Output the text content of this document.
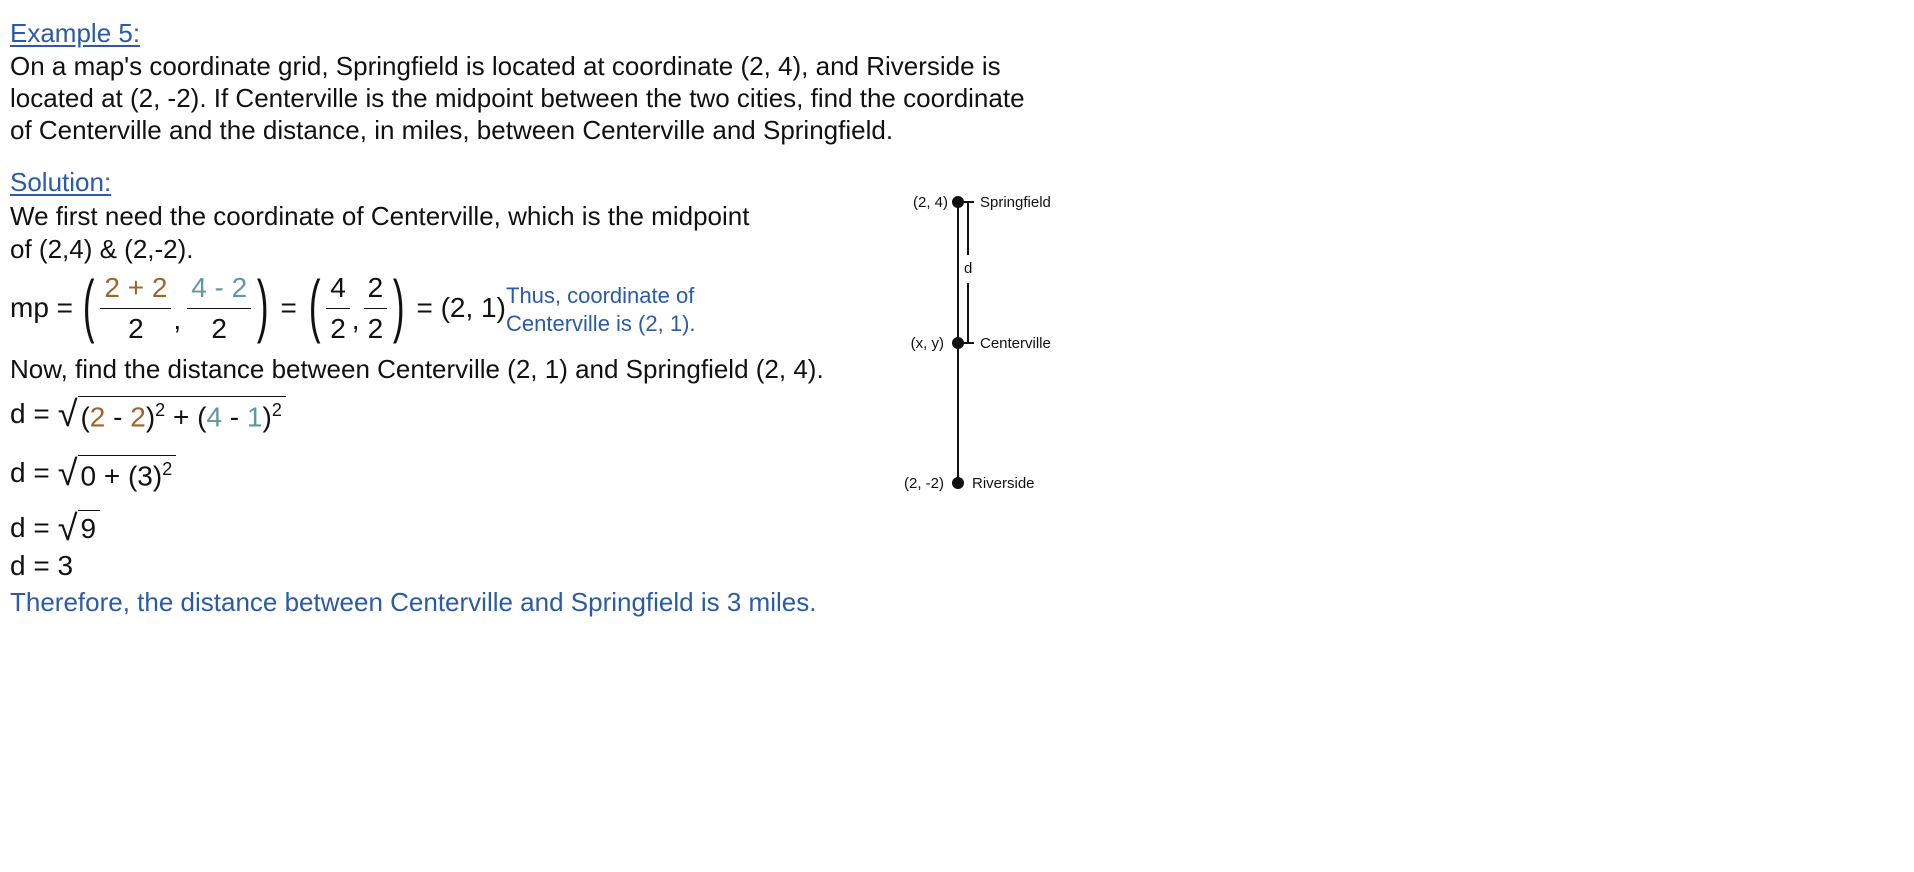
Example 5:
On a map's coordinate grid, Springfield is located at coordinate (2, 4), and Riverside is
located at (2, -2). If Centerville is the midpoint between the two cities, find the coordinate
of Centerville and the distance, in miles, between Centerville and Springfield.
Solution:
We first need the coordinate of Centerville, which is the midpoint
of (2,4) & (2,-2).
mp = ( $\frac{2 + 2}{2}$ , $\frac{4 - 2}{2}$ ) = ( $\frac{4}{2}$ , $\frac{2}{2}$ ) = (2, 1) Thus, coordinate of
Centerville is (2, 1).
Now, find the distance between Centerville (2, 1) and Springfield (2, 4).
d = √ (2 - 2)$^2$ + (4 - 1)$^2$
d = √ $0 + (3)^2$
d = √ 9
d = 3
Therefore, the distance between Centerville and Springfield is 3 miles.
d
(2, 4) Springfield
(x, y) Centerville
(2, -2) Riverside
